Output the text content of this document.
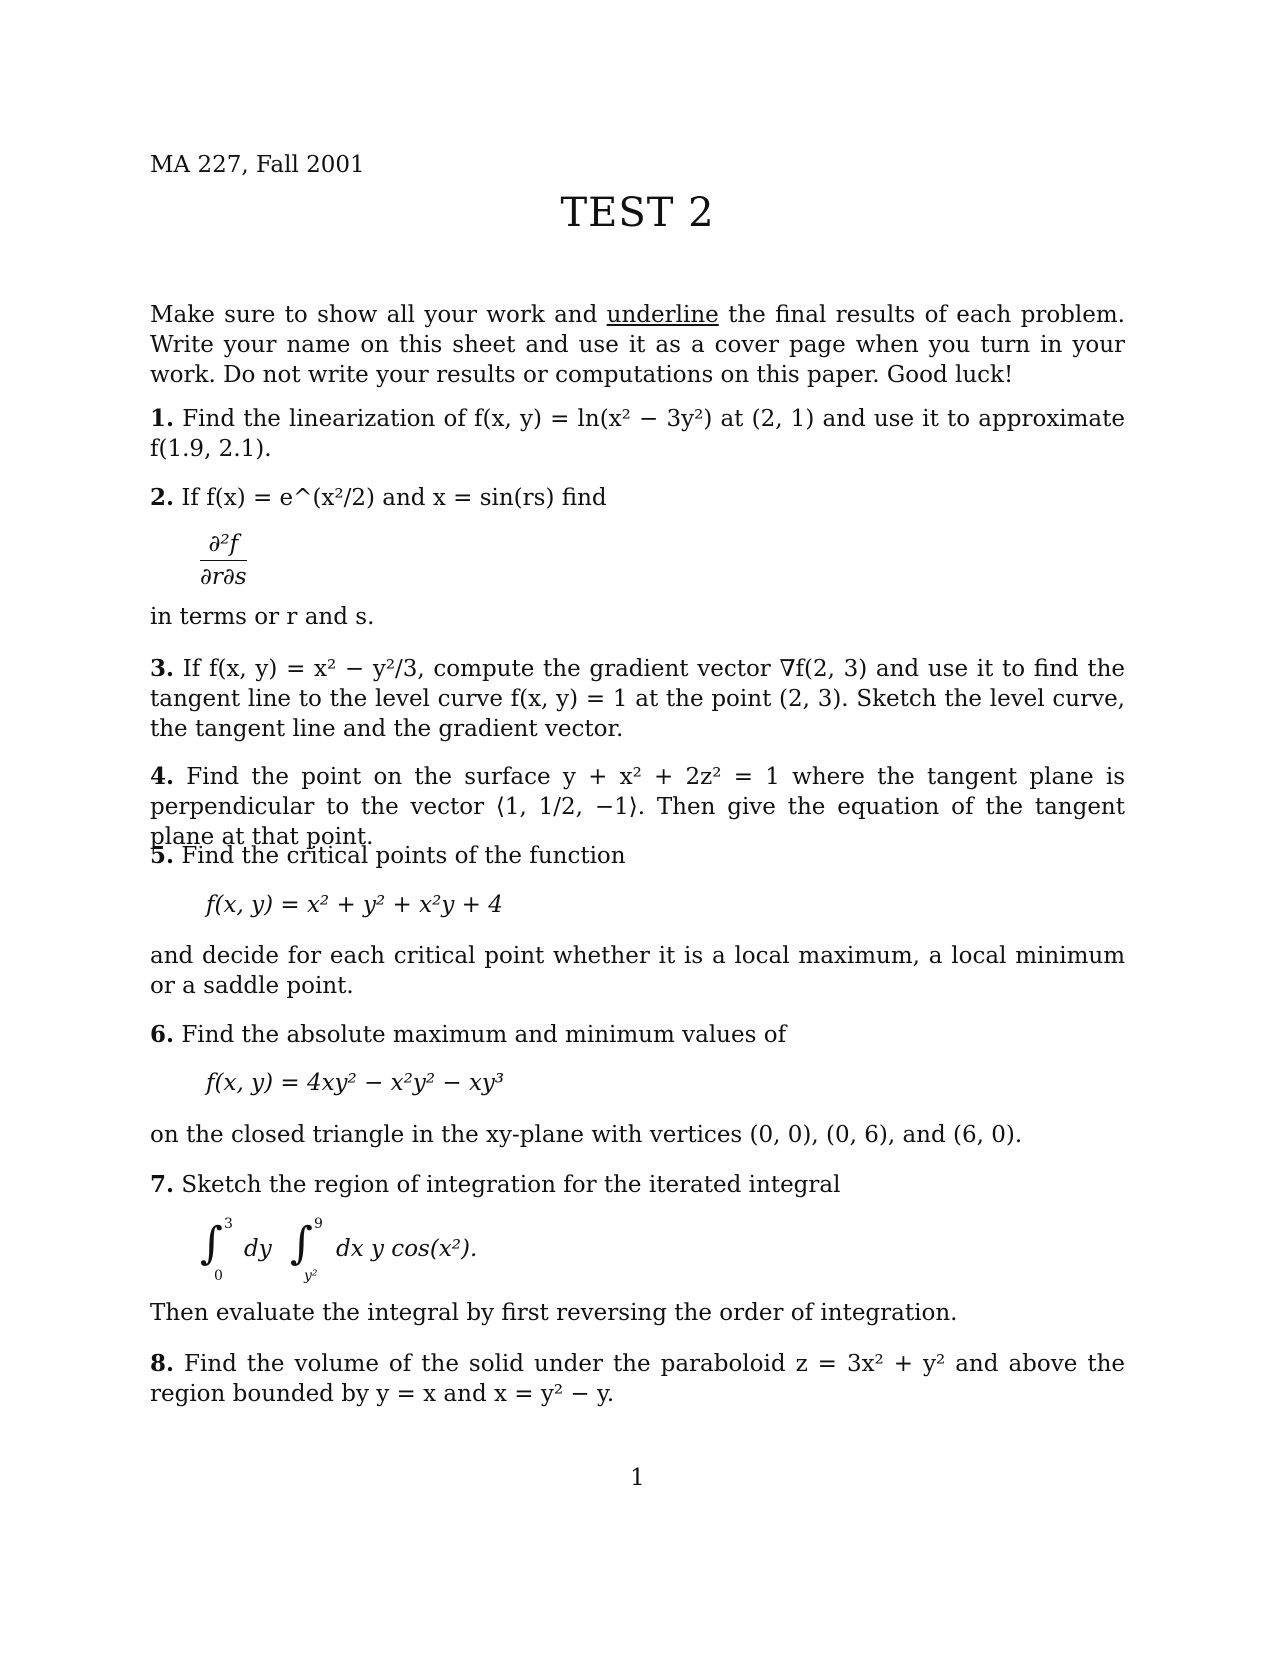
MA 227, Fall 2001
TEST 2
Make sure to show all your work and underline the final results of each problem. Write your name on this sheet and use it as a cover page when you turn in your work. Do not write your results or computations on this paper. Good luck!
1. Find the linearization of f(x, y) = ln(x² − 3y²) at (2, 1) and use it to approximate f(1.9, 2.1).
2. If f(x) = e^(x²/2) and x = sin(rs) find
$\frac{\text{∂²f}}{\partial r\partial s}$
in terms or r and s.
3. If f(x, y) = x² − y²/3, compute the gradient vector ∇f(2, 3) and use it to find the tangent line to the level curve f(x, y) = 1 at the point (2, 3). Sketch the level curve, the tangent line and the gradient vector.
4. Find the point on the surface y + x² + 2z² = 1 where the tangent plane is perpendicular to the vector ⟨1, 1/2, −1⟩. Then give the equation of the tangent plane at that point.
5. Find the critical points of the function
f(x, y) = x² + y² + x²y + 4
and decide for each critical point whether it is a local maximum, a local minimum or a saddle point.
6. Find the absolute maximum and minimum values of
f(x, y) = 4xy² − x²y² − xy³
on the closed triangle in the xy-plane with vertices (0, 0), (0, 6), and (6, 0).
7. Sketch the region of integration for the iterated integral
∫ 3
0
dy ∫ 9
y²
dx y cos(x²).
Then evaluate the integral by first reversing the order of integration.
8. Find the volume of the solid under the paraboloid z = 3x² + y² and above the region bounded by y = x and x = y² − y.
1
